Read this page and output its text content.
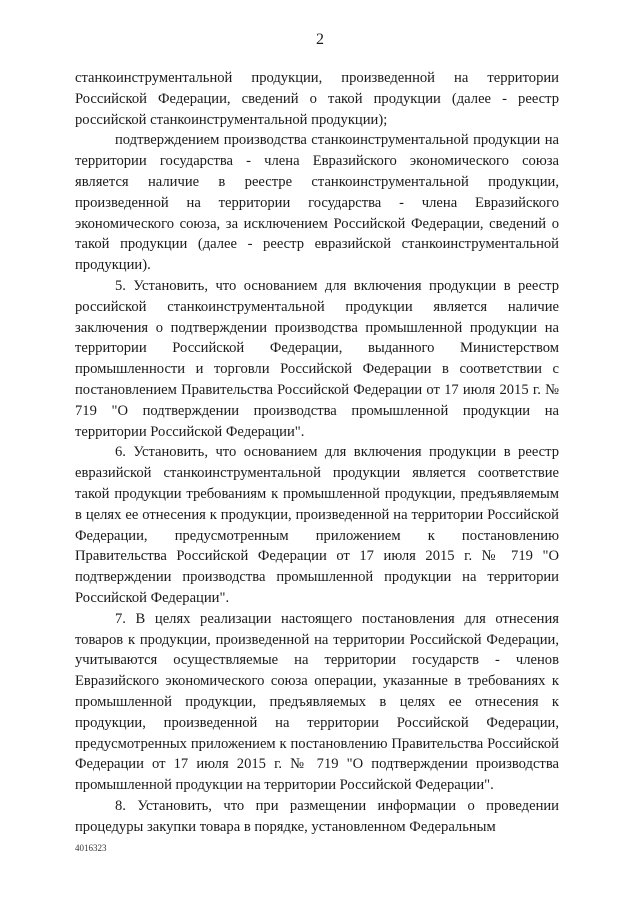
2

станкоинструментальной продукции, произведенной на территории Российской Федерации, сведений о такой продукции (далее - реестр российской станкоинструментальной продукции);

подтверждением производства станкоинструментальной продукции на территории государства - члена Евразийского экономического союза является наличие в реестре станкоинструментальной продукции, произведенной на территории государства - члена Евразийского экономического союза, за исключением Российской Федерации, сведений о такой продукции (далее - реестр евразийской станкоинструментальной продукции).

5. Установить, что основанием для включения продукции в реестр российской станкоинструментальной продукции является наличие заключения о подтверждении производства промышленной продукции на территории Российской Федерации, выданного Министерством промышленности и торговли Российской Федерации в соответствии с постановлением Правительства Российской Федерации от 17 июля 2015 г. № 719 "О подтверждении производства промышленной продукции на территории Российской Федерации".

6. Установить, что основанием для включения продукции в реестр евразийской станкоинструментальной продукции является соответствие такой продукции требованиям к промышленной продукции, предъявляемым в целях ее отнесения к продукции, произведенной на территории Российской Федерации, предусмотренным приложением к постановлению Правительства Российской Федерации от 17 июля 2015 г. № 719 "О подтверждении производства промышленной продукции на территории Российской Федерации".

7. В целях реализации настоящего постановления для отнесения товаров к продукции, произведенной на территории Российской Федерации, учитываются осуществляемые на территории государств - членов Евразийского экономического союза операции, указанные в требованиях к промышленной продукции, предъявляемых в целях ее отнесения к продукции, произведенной на территории Российской Федерации, предусмотренных приложением к постановлению Правительства Российской Федерации от 17 июля 2015 г. № 719 "О подтверждении производства промышленной продукции на территории Российской Федерации".

8. Установить, что при размещении информации о проведении процедуры закупки товара в порядке, установленном Федеральным

4016323
